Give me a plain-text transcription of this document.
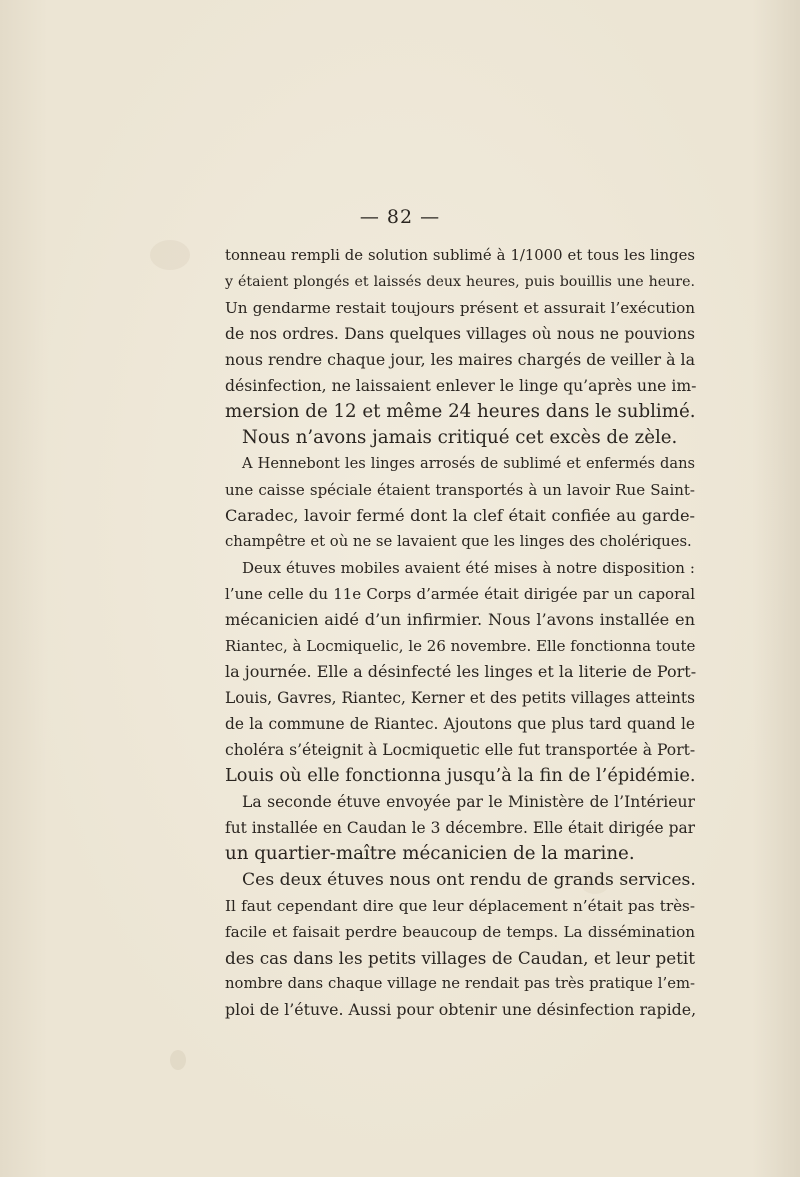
— 82 —
tonneau rempli de solution sublimé à 1/1000 et tous les linges
y étaient plongés et laissés deux heures, puis bouillis une heure.
Un gendarme restait toujours présent et assurait l’exécution
de nos ordres. Dans quelques villages où nous ne pouvions
nous rendre chaque jour, les maires chargés de veiller à la
désinfection, ne laissaient enlever le linge qu’après une im-
mersion de 12 et même 24 heures dans le sublimé.
Nous n’avons jamais critiqué cet excès de zèle.
A Hennebont les linges arrosés de sublimé et enfermés dans
une caisse spéciale étaient transportés à un lavoir Rue Saint-
Caradec, lavoir fermé dont la clef était confiée au garde-
champêtre et où ne se lavaient que les linges des cholériques.
Deux étuves mobiles avaient été mises à notre disposition :
l’une celle du 11e Corps d’armée était dirigée par un caporal
mécanicien aidé d’un infirmier. Nous l’avons installée en
Riantec, à Locmiquelic, le 26 novembre. Elle fonctionna toute
la journée. Elle a désinfecté les linges et la literie de Port-
Louis, Gavres, Riantec, Kerner et des petits villages atteints
de la commune de Riantec. Ajoutons que plus tard quand le
choléra s’éteignit à Locmiquetic elle fut transportée à Port-
Louis où elle fonctionna jusqu’à la fin de l’épidémie.
La seconde étuve envoyée par le Ministère de l’Intérieur
fut installée en Caudan le 3 décembre. Elle était dirigée par
un quartier-maître mécanicien de la marine.
Ces deux étuves nous ont rendu de grands services.
Il faut cependant dire que leur déplacement n’était pas très-
facile et faisait perdre beaucoup de temps. La dissémination
des cas dans les petits villages de Caudan, et leur petit
nombre dans chaque village ne rendait pas très pratique l’em-
ploi de l’étuve. Aussi pour obtenir une désinfection rapide,
